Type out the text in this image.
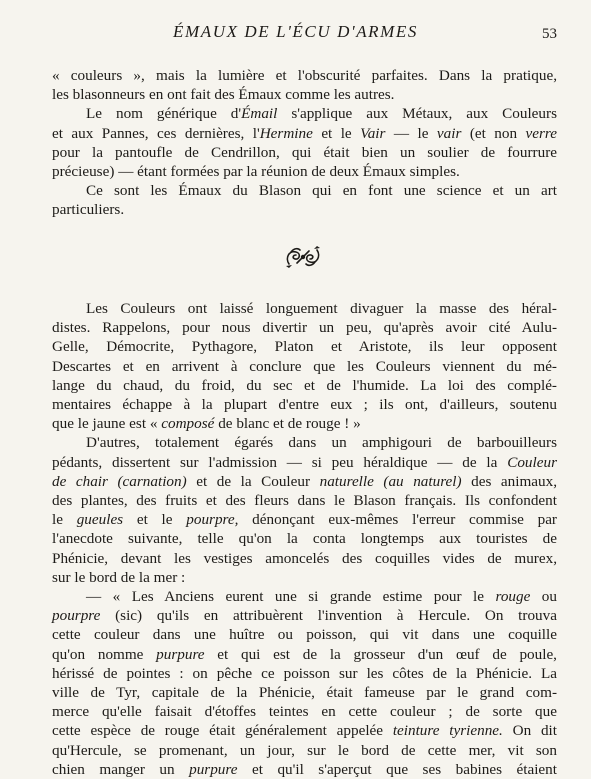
ÉMAUX DE L'ÉCU D'ARMES	53
« couleurs », mais la lumière et l'obscurité parfaites. Dans la pratique,
les blasonneurs en ont fait des Émaux comme les autres.
Le nom générique d'Émail s'applique aux Métaux, aux Couleurs
et aux Pannes, ces dernières, l'Hermine et le Vair — le vair (et non verre
pour la pantoufle de Cendrillon, qui était bien un soulier de fourrure
précieuse) — étant formées par la réunion de deux Émaux simples.
Ce sont les Émaux du Blason qui en font une science et un art
particuliers.
Les Couleurs ont laissé longuement divaguer la masse des héral-
distes. Rappelons, pour nous divertir un peu, qu'après avoir cité Aulu-
Gelle, Démocrite, Pythagore, Platon et Aristote, ils leur opposent
Descartes et en arrivent à conclure que les Couleurs viennent du mé-
lange du chaud, du froid, du sec et de l'humide. La loi des complé-
mentaires échappe à la plupart d'entre eux ; ils ont, d'ailleurs, soutenu
que le jaune est « composé de blanc et de rouge ! »
D'autres, totalement égarés dans un amphigouri de barbouilleurs
pédants, dissertent sur l'admission — si peu héraldique — de la Couleur
de chair (carnation) et de la Couleur naturelle (au naturel) des animaux,
des plantes, des fruits et des fleurs dans le Blason français. Ils confondent
le gueules et le pourpre, dénonçant eux-mêmes l'erreur commise par
l'anecdote suivante, telle qu'on la conta longtemps aux touristes de
Phénicie, devant les vestiges amoncelés des coquilles vides de murex,
sur le bord de la mer :
— « Les Anciens eurent une si grande estime pour le rouge ou
pourpre (sic) qu'ils en attribuèrent l'invention à Hercule. On trouva
cette couleur dans une huître ou poisson, qui vit dans une coquille
qu'on nomme purpure et qui est de la grosseur d'un œuf de poule,
hérissé de pointes : on pêche ce poisson sur les côtes de la Phénicie. La
ville de Tyr, capitale de la Phénicie, était fameuse par le grand com-
merce qu'elle faisait d'étoffes teintes en cette couleur ; de sorte que
cette espèce de rouge était généralement appelée teinture tyrienne. On dit
qu'Hercule, se promenant, un jour, sur le bord de cette mer, vit son
chien manger un purpure et qu'il s'aperçut que ses babines étaient
